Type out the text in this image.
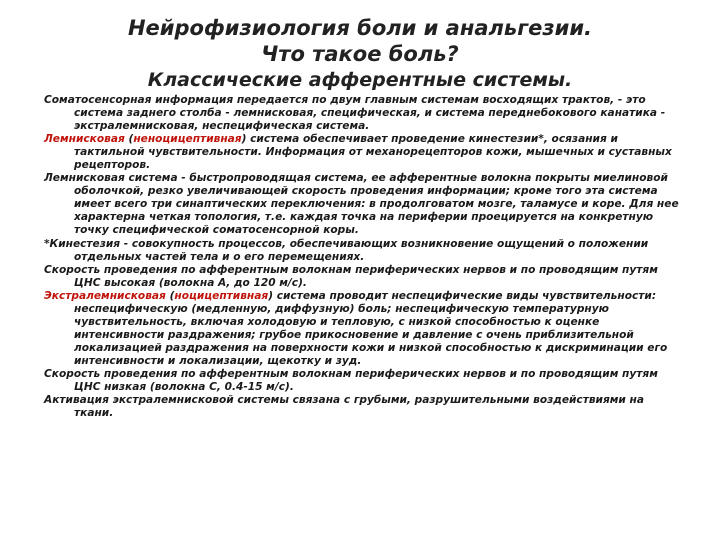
Нейрофизиология боли и анальгезии.
Что такое боль?
Классические афферентные системы.

Соматосенсорная информация передается по двум главным системам восходящих трактов, - это система заднего столба - лемнисковая, специфическая, и система переднебокового канатика - экстралемнисковая, неспецифическая система.

Лемнисковая (неноцицептивная) система обеспечивает проведение кинестезии*, осязания и тактильной чувствительности. Информация от механорецепторов кожи, мышечных и суставных рецепторов.

Лемнисковая система - быстропроводящая система, ее афферентные волокна покрыты миелиновой оболочкой, резко увеличивающей скорость проведения информации; кроме того эта система имеет всего три синаптических переключения: в продолговатом мозге, таламусе и коре. Для нее характерна четкая топология, т.е. каждая точка на периферии проецируется на конкретную точку специфической соматосенсорной коры.

*Кинестезия - совокупность процессов, обеспечивающих возникновение ощущений о положении отдельных частей тела и о его перемещениях.

Скорость проведения по афферентным волокнам периферических нервов и по проводящим путям ЦНС высокая (волокна А, до 120 м/с).

Экстралемнисковая (ноцицептивная) система проводит неспецифические виды чувствительности: неспецифическую (медленную, диффузную) боль; неспецифическую температурную чувствительность, включая холодовую и тепловую, с низкой способностью к оценке интенсивности раздражения; грубое прикосновение и давление с очень приблизительной локализацией раздражения на поверхности кожи и низкой способностью к дискриминации его интенсивности и локализации, щекотку и зуд.

Скорость проведения по афферентным волокнам периферических нервов и по проводящим путям ЦНС низкая (волокна С, 0.4-15 м/с).

Активация экстралемнисковой системы связана с грубыми, разрушительными воздействиями на ткани.
